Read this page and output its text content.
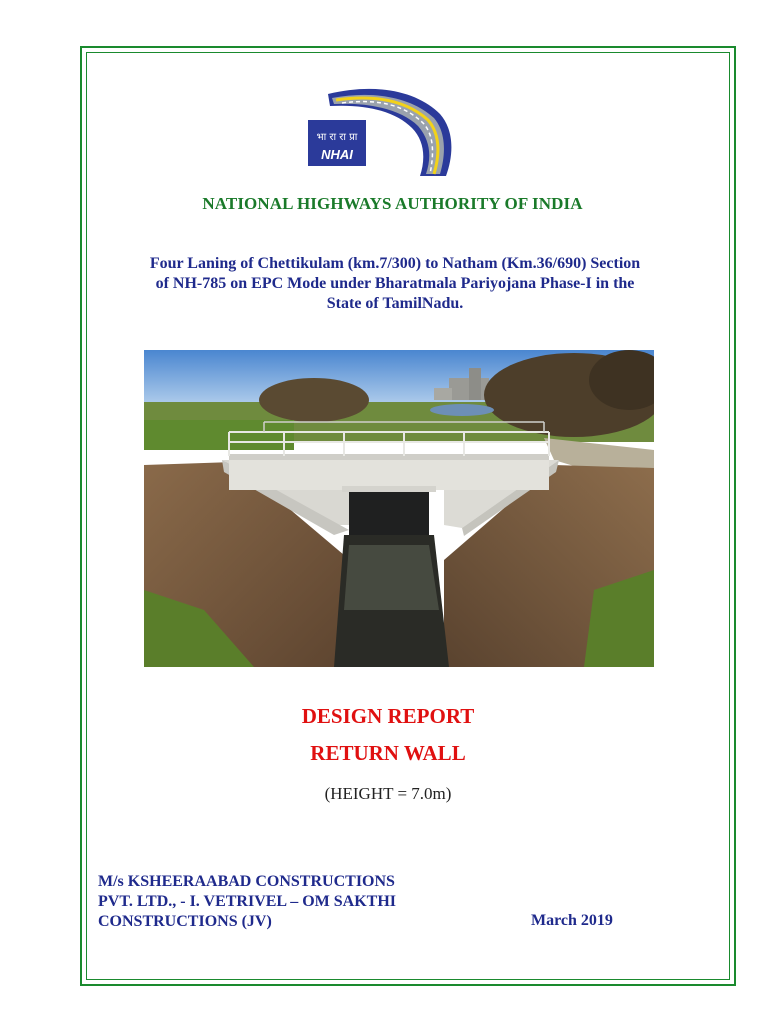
भा रा रा प्रा
NHAI
NATIONAL HIGHWAYS AUTHORITY OF INDIA
Four Laning of Chettikulam (km.7/300) to Natham (Km.36/690) Section
of NH-785 on EPC Mode under Bharatmala Pariyojana Phase-I in the
State of TamilNadu.
DESIGN REPORT
RETURN WALL
(HEIGHT = 7.0m)
M/s KSHEERAABAD CONSTRUCTIONS
PVT. LTD., - I. VETRIVEL – OM SAKTHI
CONSTRUCTIONS (JV)	March 2019
